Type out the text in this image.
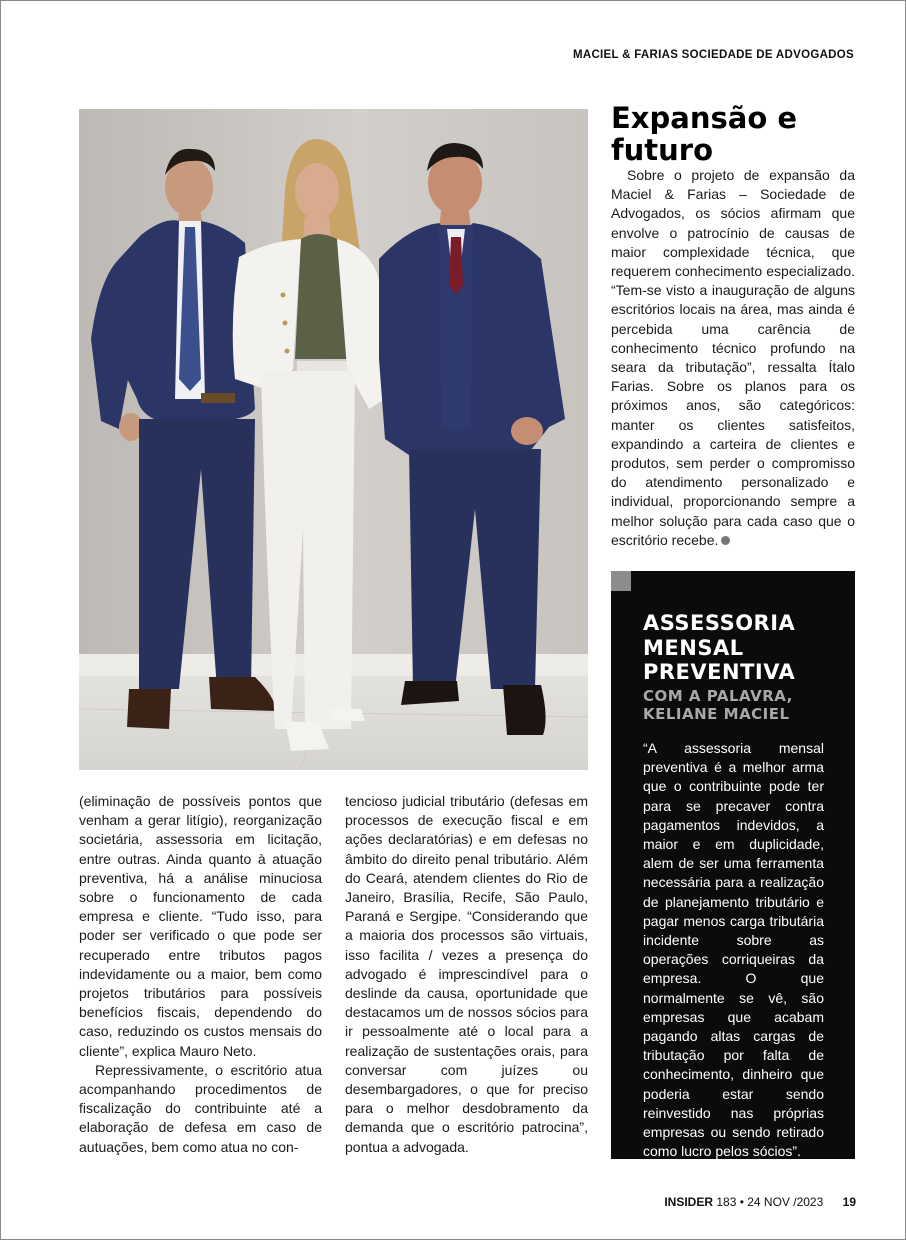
MACIEL & FARIAS SOCIEDADE DE ADVOGADOS
Expansão e futuro

Sobre o projeto de expansão da Maciel & Farias – Sociedade de Advogados, os sócios afirmam que envolve o patrocínio de causas de maior complexidade técnica, que requerem conhecimento especializado. “Tem-se visto a inauguração de alguns escritórios locais na área, mas ainda é percebida uma carência de conhecimento técnico profundo na seara da tributação”, ressalta Ítalo Farias. Sobre os planos para os próximos anos, são categóricos: manter os clientes satisfeitos, expandindo a carteira de clientes e produtos, sem perder o compromisso do atendimento personalizado e individual, proporcionando sempre a melhor solução para cada caso que o escritório recebe.

(eliminação de possíveis pontos que venham a gerar litígio), reorganização societária, assessoria em licitação, entre outras. Ainda quanto à atuação preventiva, há a análise minuciosa sobre o funcionamento de cada empresa e cliente. “Tudo isso, para poder ser verificado o que pode ser recuperado entre tributos pagos indevidamente ou a maior, bem como projetos tributários para possíveis benefícios fiscais, dependendo do caso, reduzindo os custos mensais do cliente”, explica Mauro Neto.

Repressivamente, o escritório atua acompanhando procedimentos de fiscalização do contribuinte até a elaboração de defesa em caso de autuações, bem como atua no con-

tencioso judicial tributário (defesas em processos de execução fiscal e em ações declaratórias) e em defesas no âmbito do direito penal tributário. Além do Ceará, atendem clientes do Rio de Janeiro, Brasília, Recife, São Paulo, Paraná e Sergipe. “Considerando que a maioria dos processos são virtuais, isso facilita / vezes a presença do advogado é imprescindível para o deslinde da causa, oportunidade que destacamos um de nossos sócios para ir pessoalmente até o local para a realização de sustentações orais, para conversar com juízes ou desembargadores, o que for preciso para o melhor desdobramento da demanda que o escritório patrocina”, pontua a advogada.

ASSESSORIA MENSAL PREVENTIVA
COM A PALAVRA, KELIANE MACIEL

“A assessoria mensal preventiva é a melhor arma que o contribuinte pode ter para se precaver contra pagamentos indevidos, a maior e em duplicidade, alem de ser uma ferramenta necessária para a realização de planejamento tributário e pagar menos carga tributária incidente sobre as operações corriqueiras da empresa. O que normalmente se vê, são empresas que acabam pagando altas cargas de tributação por falta de conhecimento, dinheiro que poderia estar sendo reinvestido nas próprias empresas ou sendo retirado como lucro pelos sócios”.

INSIDER 183 • 24 NOV /2023 19
